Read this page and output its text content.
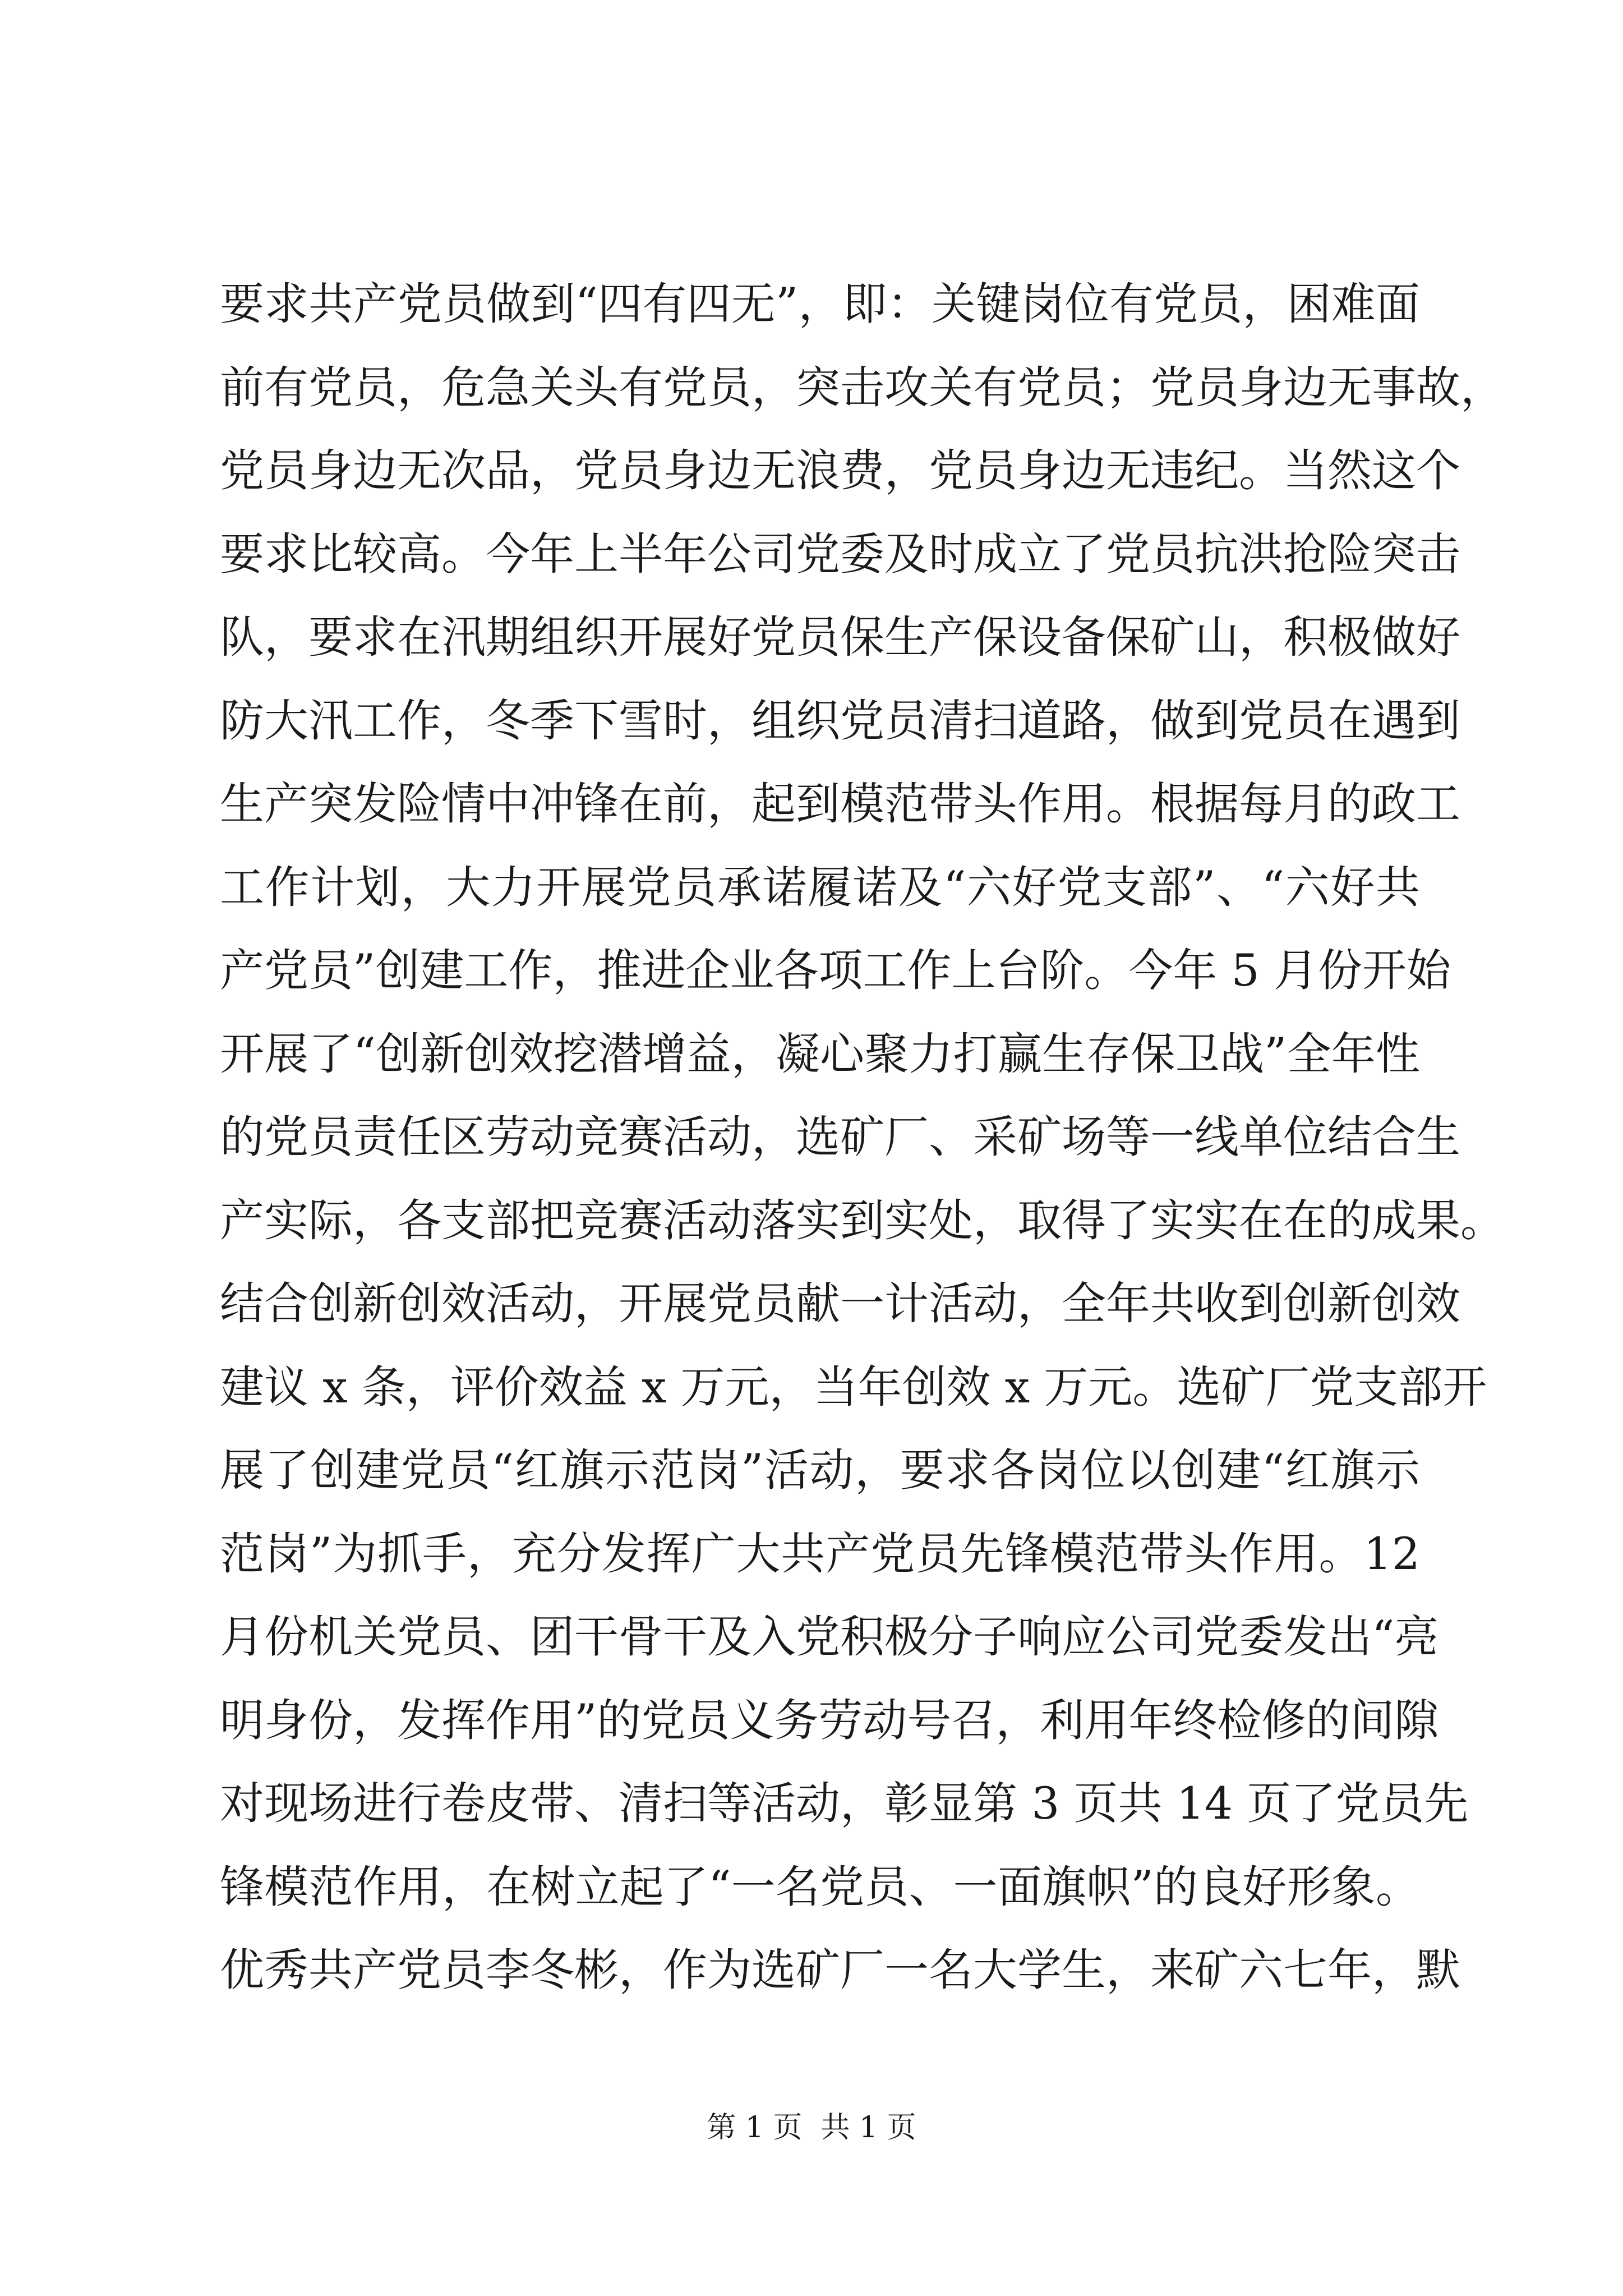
要求共产党员做到“四有四无”，即：关键岗位有党员，困难面
前有党员，危急关头有党员，突击攻关有党员；党员身边无事故，
党员身边无次品，党员身边无浪费，党员身边无违纪。当然这个
要求比较高。今年上半年公司党委及时成立了党员抗洪抢险突击
队，要求在汛期组织开展好党员保生产保设备保矿山，积极做好
防大汛工作，冬季下雪时，组织党员清扫道路，做到党员在遇到
生产突发险情中冲锋在前，起到模范带头作用。根据每月的政工
工作计划，大力开展党员承诺履诺及“六好党支部”、“六好共
产党员”创建工作，推进企业各项工作上台阶。今年 5 月份开始
开展了“创新创效挖潜增益，凝心聚力打赢生存保卫战”全年性
的党员责任区劳动竞赛活动，选矿厂、采矿场等一线单位结合生
产实际，各支部把竞赛活动落实到实处，取得了实实在在的成果。
结合创新创效活动，开展党员献一计活动，全年共收到创新创效
建议 x 条，评价效益 x 万元，当年创效 x 万元。选矿厂党支部开
展了创建党员“红旗示范岗”活动，要求各岗位以创建“红旗示
范岗”为抓手，充分发挥广大共产党员先锋模范带头作用。12
月份机关党员、团干骨干及入党积极分子响应公司党委发出“亮
明身份，发挥作用”的党员义务劳动号召，利用年终检修的间隙
对现场进行卷皮带、清扫等活动，彰显第 3 页共 14 页了党员先
锋模范作用，在树立起了“一名党员、一面旗帜”的良好形象。
优秀共产党员李冬彬，作为选矿厂一名大学生，来矿六七年，默
第 1 页  共 1 页
